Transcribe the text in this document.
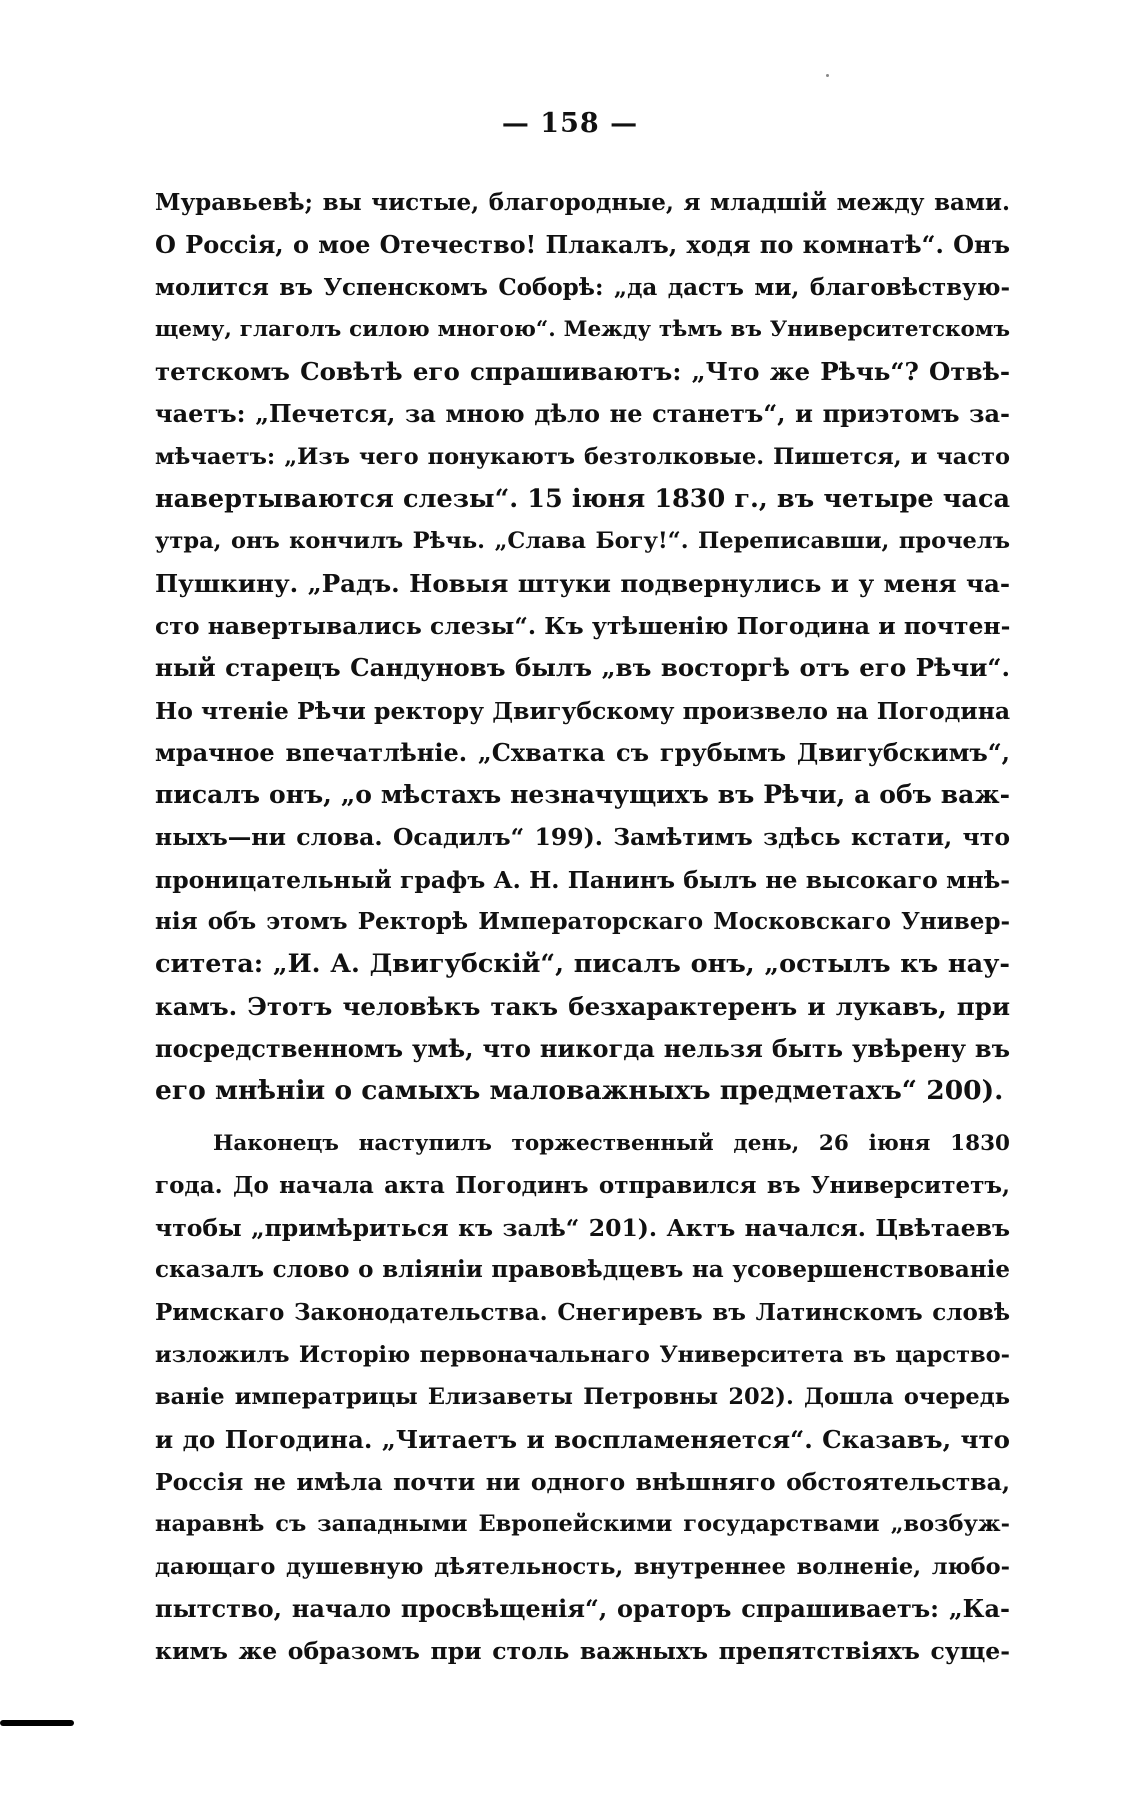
— 158 —
Муравьевѣ; вы чистые, благородные, я младшій между вами.
О Россія, о мое Отечество! Плакалъ, ходя по комнатѣ“. Онъ
молится въ Успенскомъ Соборѣ: „да дастъ ми, благовѣствую-
щему, глаголъ силою многою“. Между тѣмъ въ Университетскомъ
тетскомъ Совѣтѣ его спрашиваютъ: „Что же Рѣчь“? Отвѣ-
чаетъ: „Печется, за мною дѣло не станетъ“, и приэтомъ за-
мѣчаетъ: „Изъ чего понукаютъ безтолковые. Пишется, и часто
навертываются слезы“. 15 іюня 1830 г., въ четыре часа
утра, онъ кончилъ Рѣчь. „Слава Богу!“. Переписавши, прочелъ
Пушкину. „Радъ. Новыя штуки подвернулись и у меня ча-
сто навертывались слезы“. Къ утѣшенію Погодина и почтен-
ный старецъ Сандуновъ былъ „въ восторгѣ отъ его Рѣчи“.
Но чтеніе Рѣчи ректору Двигубскому произвело на Погодина
мрачное впечатлѣніе. „Схватка съ грубымъ Двигубскимъ“,
писалъ онъ, „о мѣстахъ незначущихъ въ Рѣчи, а объ важ-
ныхъ—ни слова. Осадилъ“ 199). Замѣтимъ здѣсь кстати, что
проницательный графъ А. Н. Панинъ былъ не высокаго мнѣ-
нія объ этомъ Ректорѣ Императорскаго Московскаго Универ-
ситета: „И. А. Двигубскій“, писалъ онъ, „остылъ къ нау-
камъ. Этотъ человѣкъ такъ безхарактеренъ и лукавъ, при
посредственномъ умѣ, что никогда нельзя быть увѣрену въ
его мнѣніи о самыхъ маловажныхъ предметахъ“ 200).
Наконецъ наступилъ торжественный день, 26 іюня 1830
года. До начала акта Погодинъ отправился въ Университетъ,
чтобы „примѣриться къ залѣ“ 201). Актъ начался. Цвѣтаевъ
сказалъ слово о вліяніи правовѣдцевъ на усовершенствованіе
Римскаго Законодательства. Снегиревъ въ Латинскомъ словѣ
изложилъ Исторію первоначальнаго Университета въ царство-
ваніе императрицы Елизаветы Петровны 202). Дошла очередь
и до Погодина. „Читаетъ и воспламеняется“. Сказавъ, что
Россія не имѣла почти ни одного внѣшняго обстоятельства,
наравнѣ съ западными Европейскими государствами „возбуж-
дающаго душевную дѣятельность, внутреннее волненіе, любо-
пытство, начало просвѣщенія“, ораторъ спрашиваетъ: „Ка-
кимъ же образомъ при столь важныхъ препятствіяхъ суще-
